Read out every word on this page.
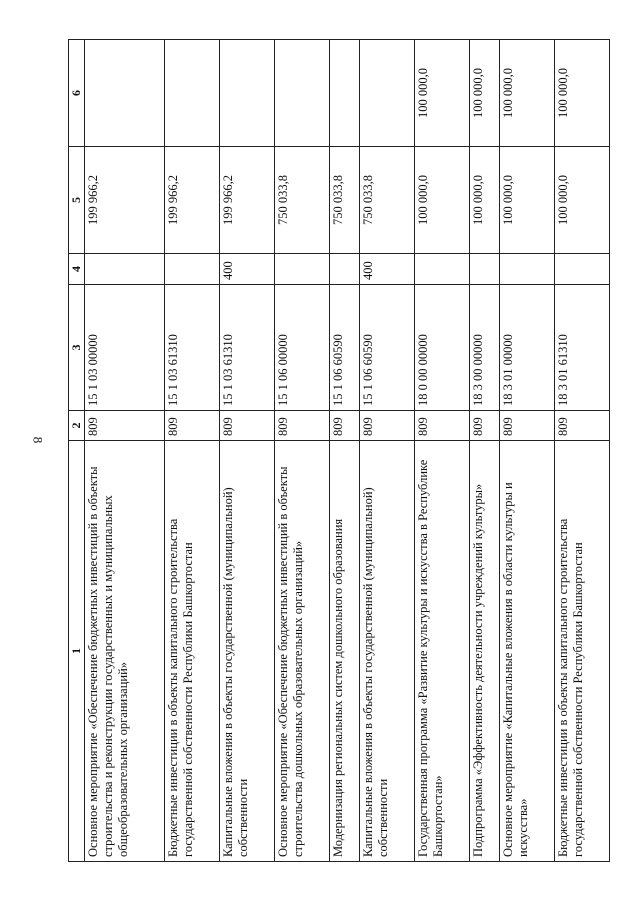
8
1	2	3	4	5	6
Основное мероприятие «Обеспечение бюджетных инвестиций в объекты строительства и реконструкции государственных и муниципальных общеобразовательных организаций»	809	15 1 03 00000		199 966,2	
Бюджетные инвестиции в объекты капитального строительства государственной собственности Республики Башкортостан	809	15 1 03 61310		199 966,2	
Капитальные вложения в объекты государственной (муниципальной) собственности	809	15 1 03 61310	400	199 966,2	
Основное мероприятие «Обеспечение бюджетных инвестиций в объекты строительства дошкольных образовательных организаций»	809	15 1 06 00000		750 033,8	
Модернизация региональных систем дошкольного образования	809	15 1 06 60590		750 033,8	
Капитальные вложения в объекты государственной (муниципальной) собственности	809	15 1 06 60590	400	750 033,8	
Государственная программа «Развитие культуры и искусства в Республике Башкортостан»	809	18 0 00 00000		100 000,0	100 000,0
Подпрограмма «Эффективность деятельности учреждений культуры»	809	18 3 00 00000		100 000,0	100 000,0
Основное мероприятие «Капитальные вложения в области культуры и искусства»	809	18 3 01 00000		100 000,0	100 000,0
Бюджетные инвестиции в объекты капитального строительства государственной собственности Республики Башкортостан	809	18 3 01 61310		100 000,0	100 000,0
